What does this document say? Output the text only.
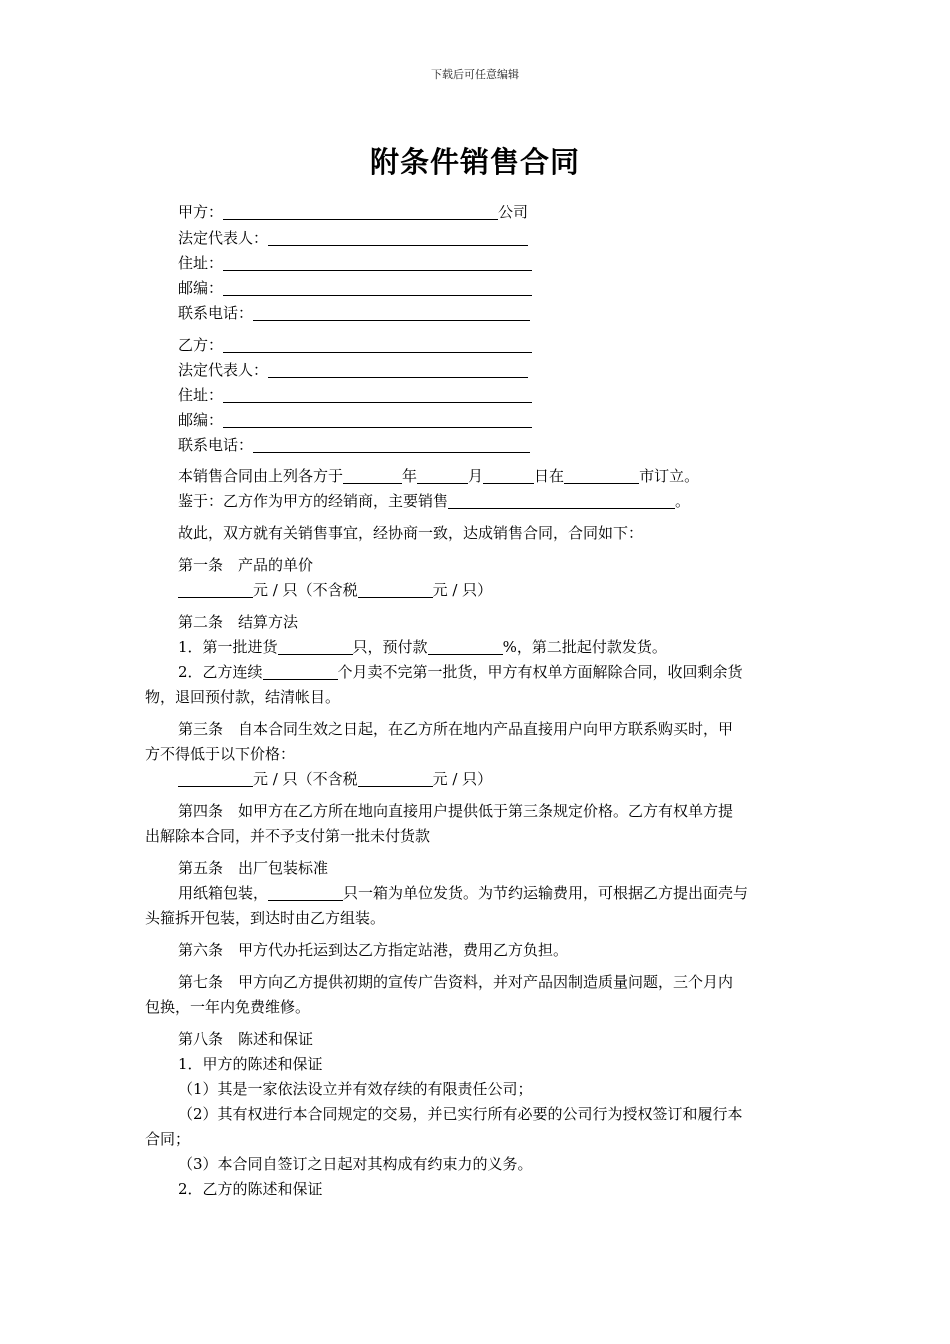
下载后可任意编辑
附条件销售合同
甲方：	公司
法定代表人：
住址：
邮编：
联系电话：
乙方：
法定代表人：
住址：
邮编：
联系电话：
本销售合同由上列各方于	年	月	日在	市订立。
鉴于：乙方作为甲方的经销商，主要销售	。
故此，双方就有关销售事宜，经协商一致，达成销售合同，合同如下：
第一条　产品的单价
元 / 只（不含税	元 / 只）
第二条　结算方法
1．第一批进货	只，预付款	%，第二批起付款发货。
2．乙方连续	个月卖不完第一批货，甲方有权单方面解除合同，收回剩余货
物，退回预付款，结清帐目。
第三条　自本合同生效之日起，在乙方所在地内产品直接用户向甲方联系购买时，甲
方不得低于以下价格：
元 / 只（不含税	元 / 只）
第四条　如甲方在乙方所在地向直接用户提供低于第三条规定价格。乙方有权单方提
出解除本合同，并不予支付第一批未付货款
第五条　出厂包装标准
用纸箱包装，	只一箱为单位发货。为节约运输费用，可根据乙方提出面壳与
头箍拆开包装，到达时由乙方组装。
第六条　甲方代办托运到达乙方指定站港，费用乙方负担。
第七条　甲方向乙方提供初期的宣传广告资料，并对产品因制造质量问题，三个月内
包换，一年内免费维修。
第八条　陈述和保证
1．甲方的陈述和保证
（1）其是一家依法设立并有效存续的有限责任公司；
（2）其有权进行本合同规定的交易，并已实行所有必要的公司行为授权签订和履行本
合同；
（3）本合同自签订之日起对其构成有约束力的义务。
2．乙方的陈述和保证
